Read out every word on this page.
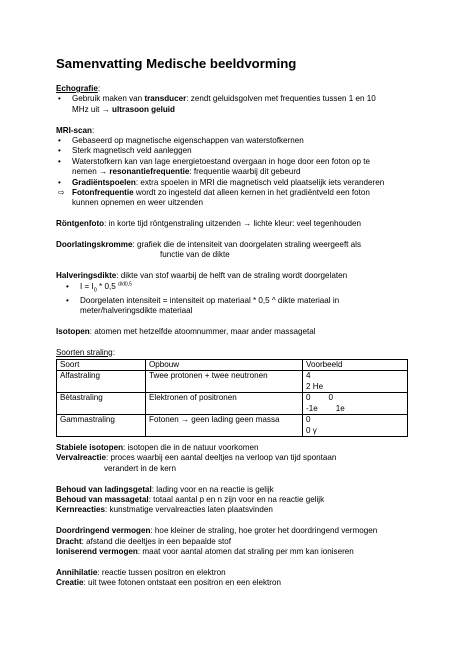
Samenvatting Medische beeldvorming
Echografie:
•	Gebruik maken van transducer: zendt geluidsgolven met frequenties tussen 1 en 10
MHz uit → ultrasoon geluid
MRI-scan:
•	Gebaseerd op magnetische eigenschappen van waterstofkernen
•	Sterk magnetisch veld aanleggen
•	Waterstofkern kan van lage energietoestand overgaan in hoge door een foton op te
nemen → resonantiefrequentie: frequentie waarbij dit gebeurd
•	Gradiëntspoelen: extra spoelen in MRI die magnetisch veld plaatselijk iets veranderen
⇨ Fotonfrequentie wordt zo ingesteld dat alleen kernen in het gradiëntveld een foton
kunnen opnemen en weer uitzenden
Röntgenfoto: in korte tijd röntgenstraling uitzenden → lichte kleur: veel tegenhouden
Doorlatingskromme: grafiek die de intensiteit van doorgelaten straling weergeeft als
functie van de dikte
Halveringsdikte: dikte van stof waarbij de helft van de straling wordt doorgelaten
•	$I = I_0 * 0,5$ $^{d/d0,5}$
•	Doorgelaten intensiteit = intensiteit op materiaal * 0,5 ^ dikte materiaal in
meter/halveringsdikte materiaal
Isotopen: atomen met hetzelfde atoomnummer, maar ander massagetal
Soorten straling:
Soort	Opbouw	Voorbeeld
Alfastraling	Twee protonen + twee neutronen	4
2 He
Bètastraling	Elektronen of positronen	0 0
-1e 1e

Gammastraling	Fotonen → geen lading geen massa	0
0 γ
Stabiele isotopen: isotopen die in de natuur voorkomen
Vervalreactie: proces waarbij een aantal deeltjes na verloop van tijd spontaan
verandert in de kern
Behoud van ladingsgetal: lading voor en na reactie is gelijk
Behoud van massagetal: totaal aantal p en n zijn voor en na reactie gelijk
Kernreacties: kunstmatige vervalreacties laten plaatsvinden
Doordringend vermogen: hoe kleiner de straling, hoe groter het doordringend vermogen
Dracht: afstand die deeltjes in een bepaalde stof
Ioniserend vermogen: maat voor aantal atomen dat straling per mm kan ioniseren
Annihilatie: reactie tussen positron en elektron
Creatie: uit twee fotonen ontstaat een positron en een elektron
